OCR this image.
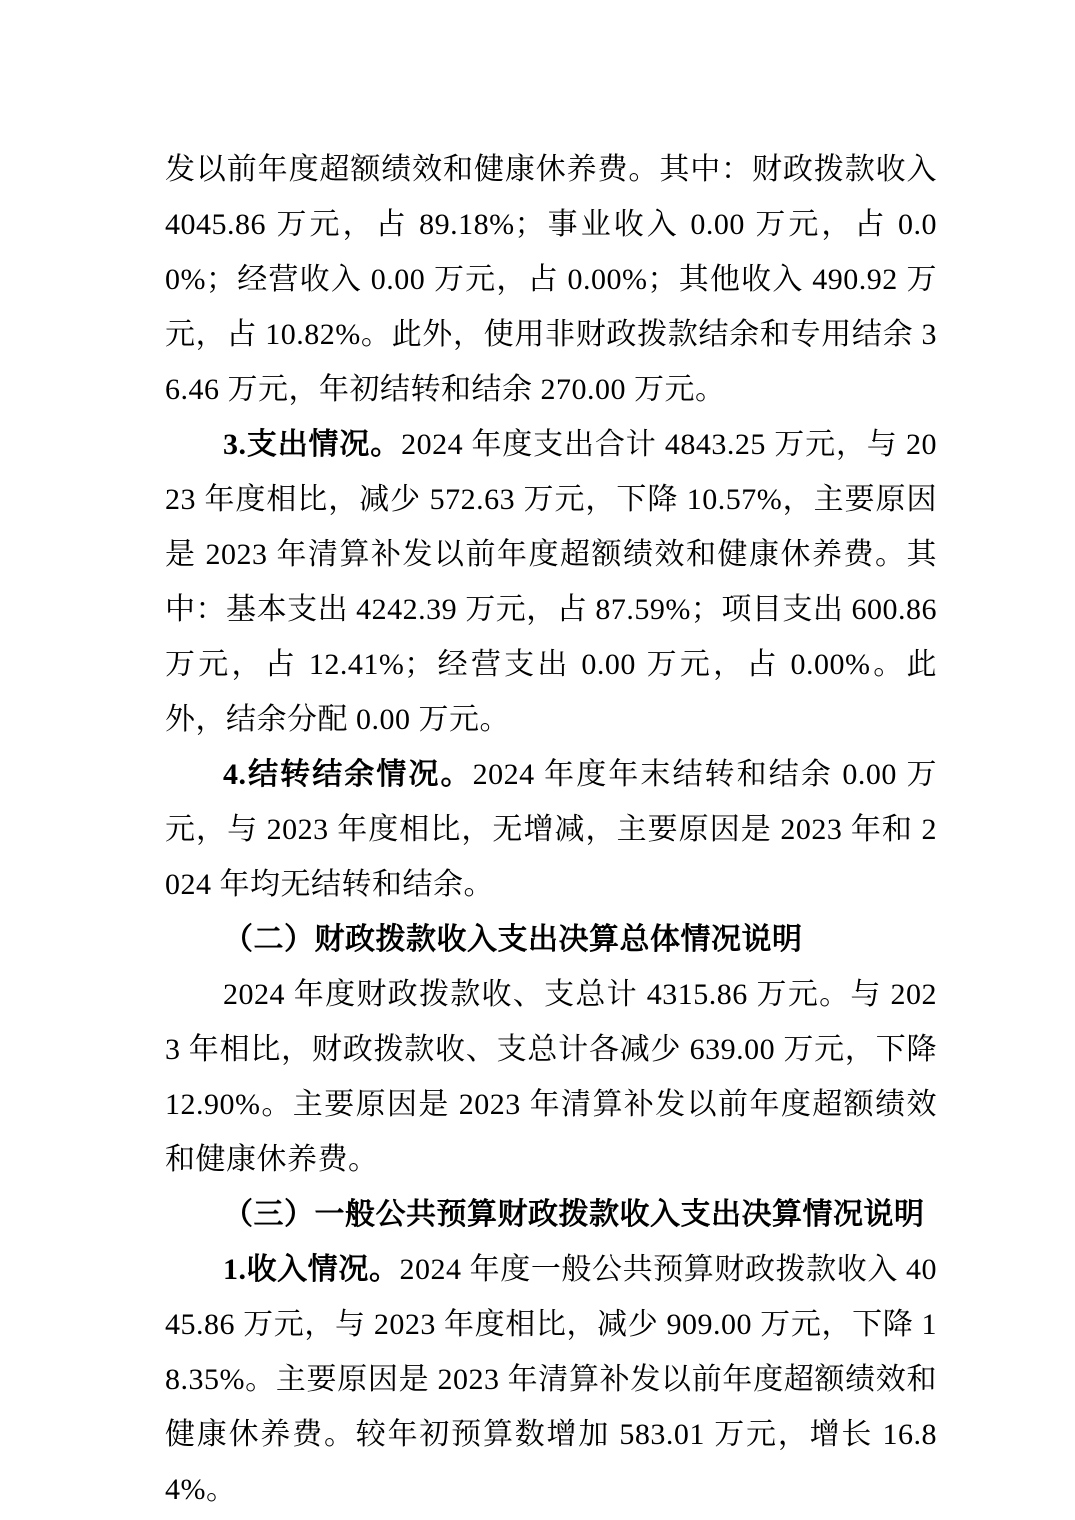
发以前年度超额绩效和健康休养费。其中：财政拨款收入 4045.86 万元，占 89.18%；事业收入 0.00 万元，占 0.00%；经营收入 0.00 万元，占 0.00%；其他收入 490.92 万元，占 10.82%。此外，使用非财政拨款结余和专用结余 36.46 万元，年初结转和结余 270.00 万元。

3.支出情况。2024 年度支出合计 4843.25 万元，与 2023 年度相比，减少 572.63 万元，下降 10.57%，主要原因是 2023 年清算补发以前年度超额绩效和健康休养费。其中：基本支出 4242.39 万元，占 87.59%；项目支出 600.86 万元，占 12.41%；经营支出 0.00 万元，占 0.00%。此外，结余分配 0.00 万元。

4.结转结余情况。2024 年度年末结转和结余 0.00 万元，与 2023 年度相比，无增减，主要原因是 2023 年和 2024 年均无结转和结余。

（二）财政拨款收入支出决算总体情况说明

2024 年度财政拨款收、支总计 4315.86 万元。与 2023 年相比，财政拨款收、支总计各减少 639.00 万元，下降 12.90%。主要原因是 2023 年清算补发以前年度超额绩效和健康休养费。

（三）一般公共预算财政拨款收入支出决算情况说明

1.收入情况。2024 年度一般公共预算财政拨款收入 4045.86 万元，与 2023 年度相比，减少 909.00 万元，下降 18.35%。主要原因是 2023 年清算补发以前年度超额绩效和健康休养费。较年初预算数增加 583.01 万元，增长 16.84%。
